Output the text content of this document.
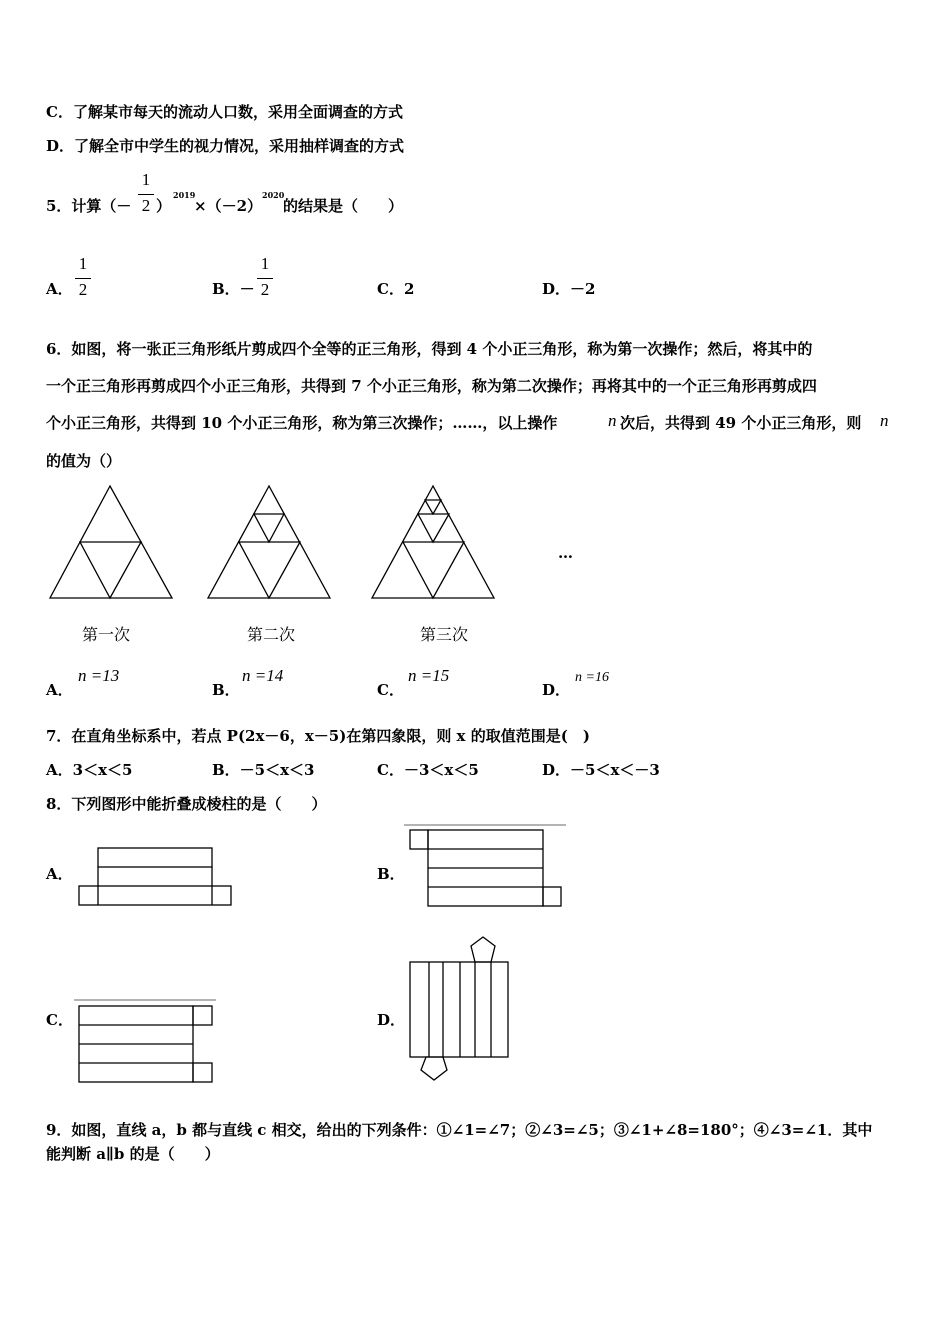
C．了解某市每天的流动人口数，采用全面调查的方式
D．了解全市中学生的视力情况，采用抽样调查的方式
5．计算（－
1
2 ）
2019
×（－2）
2020
的结果是（　　）
A．
1
2	B．－
1
2	C．2	D．－2
6．如图，将一张正三角形纸片剪成四个全等的正三角形，得到 4 个小正三角形，称为第一次操作；然后，将其中的
一个正三角形再剪成四个小正三角形，共得到 7 个小正三角形，称为第二次操作；再将其中的一个正三角形再剪成四
个小正三角形，共得到 10 个小正三角形，称为第三次操作；……，以上操作	n 次后，共得到 49 个小正三角形，则 n
的值为（）
…
第一次	第二次	第三次
A．
n =13
B．
n =14
C．
n =15
D．
n =16
7．在直角坐标系中，若点 P(2x－6，x－5)在第四象限，则 x 的取值范围是(　)
A．3＜x＜5	B．－5＜x＜3	C．－3＜x＜5	D．－5＜x＜－3
8．下列图形中能折叠成棱柱的是（　　）
A．	B．
C．	D．
9．如图，直线 a，b 都与直线 c 相交，给出的下列条件：①∠1=∠7；②∠3=∠5；③∠1+∠8=180°；④∠3=∠1．其中
能判断 a∥b 的是（　　）
